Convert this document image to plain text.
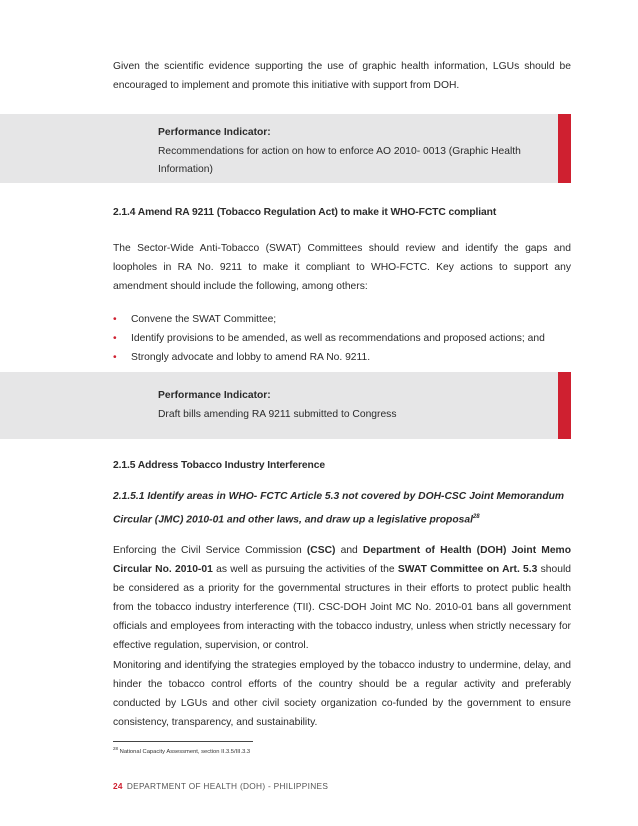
Given the scientific evidence supporting the use of graphic health information, LGUs should be encouraged to implement and promote this initiative with support from DOH.

Performance Indicator:
Recommendations for action on how to enforce AO 2010- 0013 (Graphic Health Information)
2.1.4 Amend RA 9211 (Tobacco Regulation Act) to make it WHO-FCTC compliant

The Sector-Wide Anti-Tobacco (SWAT) Committees should review and identify the gaps and loopholes in RA No. 9211 to make it compliant to WHO-FCTC. Key actions to support any amendment should include the following, among others:

• Convene the SWAT Committee;
• Identify provisions to be amended, as well as recommendations and proposed actions; and
• Strongly advocate and lobby to amend RA No. 9211.
Performance Indicator:
Draft bills amending RA 9211 submitted to Congress
2.1.5 Address Tobacco Industry Interference

2.1.5.1 Identify areas in WHO- FCTC Article 5.3 not covered by DOH-CSC Joint Memorandum Circular (JMC) 2010-01 and other laws, and draw up a legislative proposal$^{28}$

Enforcing the Civil Service Commission (CSC) and Department of Health (DOH) Joint Memo Circular No. 2010-01 as well as pursuing the activities of the SWAT Committee on Art. 5.3 should be considered as a priority for the governmental structures in their efforts to protect public health from the tobacco industry interference (TII). CSC-DOH Joint MC No. 2010-01 bans all government officials and employees from interacting with the tobacco industry, unless when strictly necessary for effective regulation, supervision, or control.

Monitoring and identifying the strategies employed by the tobacco industry to undermine, delay, and hinder the tobacco control efforts of the country should be a regular activity and preferably conducted by LGUs and other civil society organization co-funded by the government to ensure consistency, transparency, and sustainability.

$^{28}$ National Capacity Assessment, section II.3.5/III.3.3
24 DEPARTMENT OF HEALTH (DOH) - PHILIPPINES
